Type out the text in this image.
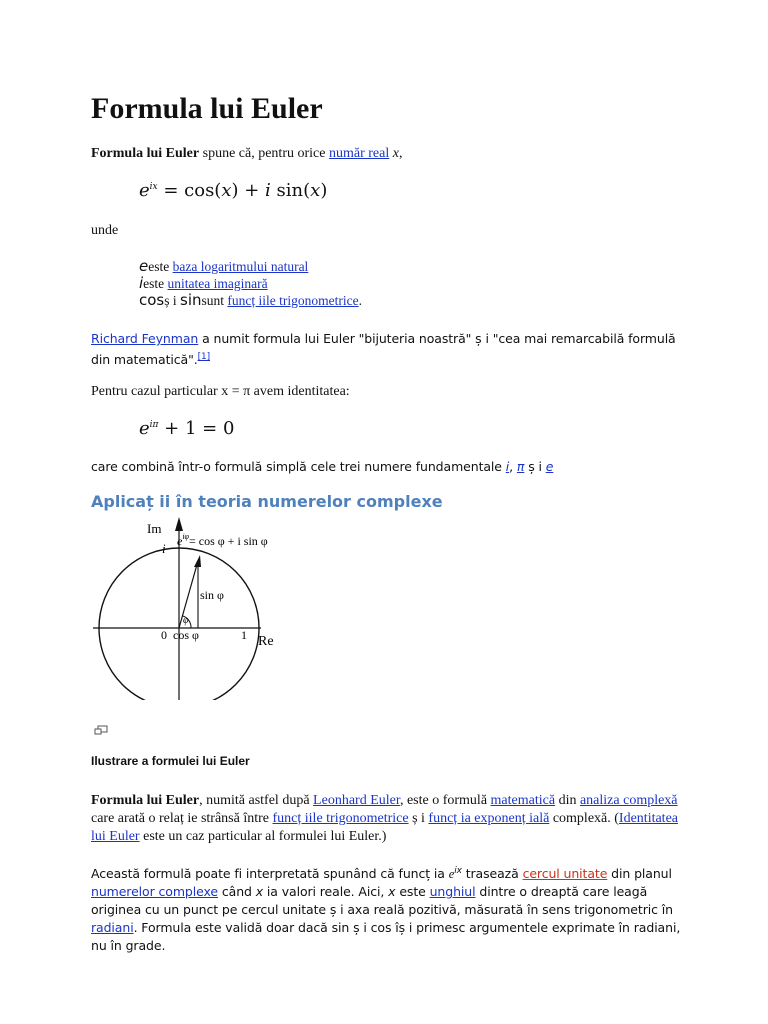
Formula lui Euler

Formula lui Euler spune că, pentru orice număr real x,

$e^{ix} = \cos(x) + i$ sin(x)

unde

eeste baza logaritmului natural
ieste unitatea imaginară
cosș i sinsunt funcț iile trigonometrice.

Richard Feynman a numit formula lui Euler "bijuteria noastră" ș i "cea mai remarcabilă formulă din matematică".[1]

Pentru cazul particular x = π avem identitatea:

$e^{i\pi} + 1 = 0$

care combină într-o formulă simplă cele trei numere fundamentale i, π ș i e

Aplicaț ii în teoria numerelor complexe
Im
i $e^{i\varphi}= \cos \varphi + i$ sin φ
sin φ
φ
0 cos φ	1 Re
Ilustrare a formulei lui Euler

Formula lui Euler, numită astfel după Leonhard Euler, este o formulă matematică din analiza complexă care arată o relaț ie strânsă între funcț iile trigonometrice ș i funcț ia exponenț ială complexă. (Identitatea lui Euler este un caz particular al formulei lui Euler.)

Această formulă poate fi interpretată spunând că funcț ia $e^{ix}$ trasează cercul unitate din planul numerelor complexe când x ia valori reale. Aici, x este unghiul dintre o dreaptă care leagă originea cu un punct pe cercul unitate ș i axa reală pozitivă, măsurată în sens trigonometric în radiani. Formula este validă doar dacă sin ș i cos îș i primesc argumentele exprimate în radiani, nu în grade.
